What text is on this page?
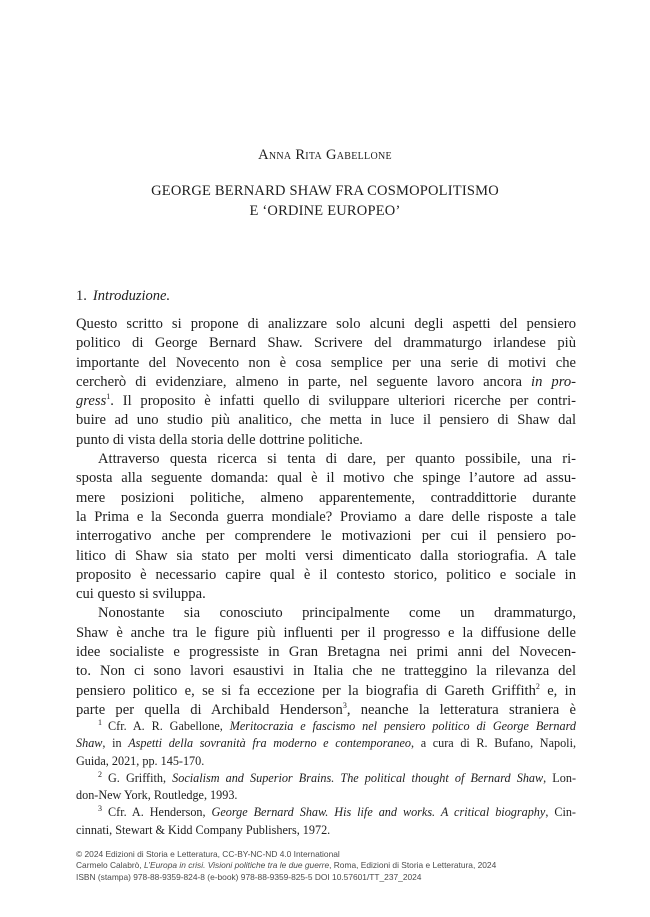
Anna Rita Gabellone
GEORGE BERNARD SHAW FRA COSMOPOLITISMO
E ‘ORDINE EUROPEO’
1. Introduzione.
Questo scritto si propone di analizzare solo alcuni degli aspetti del pensiero
politico di George Bernard Shaw. Scrivere del drammaturgo irlandese più
importante del Novecento non è cosa semplice per una serie di motivi che
cercherò di evidenziare, almeno in parte, nel seguente lavoro ancora in pro-
gress$^1$. Il proposito è infatti quello di sviluppare ulteriori ricerche per contri-
buire ad uno studio più analitico, che metta in luce il pensiero di Shaw dal
punto di vista della storia delle dottrine politiche.
Attraverso questa ricerca si tenta di dare, per quanto possibile, una ri-
sposta alla seguente domanda: qual è il motivo che spinge l’autore ad assu-
mere posizioni politiche, almeno apparentemente, contraddittorie durante
la Prima e la Seconda guerra mondiale? Proviamo a dare delle risposte a tale
interrogativo anche per comprendere le motivazioni per cui il pensiero po-
litico di Shaw sia stato per molti versi dimenticato dalla storiografia. A tale
proposito è necessario capire qual è il contesto storico, politico e sociale in
cui questo si sviluppa.
Nonostante sia conosciuto principalmente come un drammaturgo,
Shaw è anche tra le figure più influenti per il progresso e la diffusione delle
idee socialiste e progressiste in Gran Bretagna nei primi anni del Novecen-
to. Non ci sono lavori esaustivi in Italia che ne tratteggino la rilevanza del
pensiero politico e, se si fa eccezione per la biografia di Gareth Griffith$^2$ e, in
parte per quella di Archibald Henderson$^3$, neanche la letteratura straniera è
$^1$ Cfr. A. R. Gabellone, Meritocrazia e fascismo nel pensiero politico di George Bernard
Shaw, in Aspetti della sovranità fra moderno e contemporaneo, a cura di R. Bufano, Napoli,
Guida, 2021, pp. 145-170.
$^2$ G. Griffith, Socialism and Superior Brains. The political thought of Bernard Shaw, Lon-
don-New York, Routledge, 1993.
$^3$ Cfr. A. Henderson, George Bernard Shaw. His life and works. A critical biography, Cin-
cinnati, Stewart & Kidd Company Publishers, 1972.
© 2024 Edizioni di Storia e Letteratura, CC-BY-NC-ND 4.0 International
Carmelo Calabrò, L’Europa in crisi. Visioni politiche tra le due guerre, Roma, Edizioni di Storia e Letteratura, 2024
ISBN (stampa) 978-88-9359-824-8 (e-book) 978-88-9359-825-5 DOI 10.57601/TT_237_2024
